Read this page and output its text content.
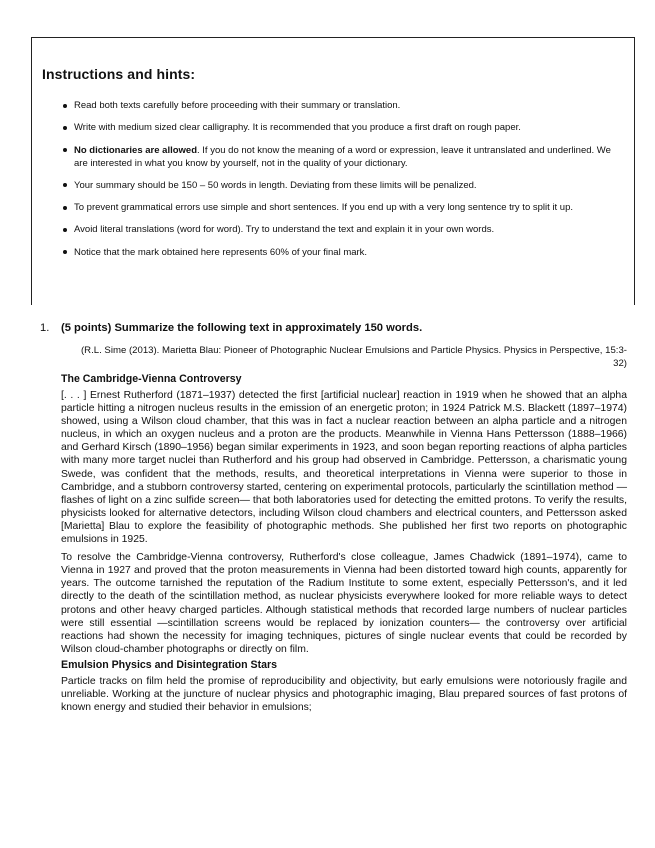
Instructions and hints:
Read both texts carefully before proceeding with their summary or translation.
Write with medium sized clear calligraphy. It is recommended that you produce a first draft on rough paper.
No dictionaries are allowed. If you do not know the meaning of a word or expression, leave it untranslated and underlined. We are interested in what you know by yourself, not in the quality of your dictionary.
Your summary should be 150 – 50 words in length. Deviating from these limits will be penalized.
To prevent grammatical errors use simple and short sentences. If you end up with a very long sentence try to split it up.
Avoid literal translations (word for word). Try to understand the text and explain it in your own words.
Notice that the mark obtained here represents 60% of your final mark.

1. (5 points) Summarize the following text in approximately 150 words.

(R.L. Sime (2013). Marietta Blau: Pioneer of Photographic Nuclear Emulsions and Particle Physics. Physics in Perspective, 15:3-32)

The Cambridge-Vienna Controversy

[. . . ] Ernest Rutherford (1871–1937) detected the first [artificial nuclear] reaction in 1919 when he showed that an alpha particle hitting a nitrogen nucleus results in the emission of an energetic proton; in 1924 Patrick M.S. Blackett (1897–1974) showed, using a Wilson cloud chamber, that this was in fact a nuclear reaction between an alpha particle and a nitrogen nucleus, in which an oxygen nucleus and a proton are the products. Meanwhile in Vienna Hans Pettersson (1888–1966) and Gerhard Kirsch (1890–1956) began similar experiments in 1923, and soon began reporting reactions of alpha particles with many more target nuclei than Rutherford and his group had observed in Cambridge. Pettersson, a charismatic young Swede, was confident that the methods, results, and theoretical interpretations in Vienna were superior to those in Cambridge, and a stubborn controversy started, centering on experimental protocols, particularly the scintillation method —flashes of light on a zinc sulfide screen— that both laboratories used for detecting the emitted protons. To verify the results, physicists looked for alternative detectors, including Wilson cloud chambers and electrical counters, and Pettersson asked [Marietta] Blau to explore the feasibility of photographic methods. She published her first two reports on photographic emulsions in 1925.

To resolve the Cambridge-Vienna controversy, Rutherford's close colleague, James Chadwick (1891–1974), came to Vienna in 1927 and proved that the proton measurements in Vienna had been distorted toward high counts, apparently for years. The outcome tarnished the reputation of the Radium Institute to some extent, especially Pettersson's, and it led directly to the death of the scintillation method, as nuclear physicists everywhere looked for more reliable ways to detect protons and other heavy charged particles. Although statistical methods that recorded large numbers of nuclear particles were still essential —scintillation screens would be replaced by ionization counters— the controversy over artificial reactions had shown the necessity for imaging techniques, pictures of single nuclear events that could be recorded by Wilson cloud-chamber photographs or directly on film.

Emulsion Physics and Disintegration Stars

Particle tracks on film held the promise of reproducibility and objectivity, but early emulsions were notoriously fragile and unreliable. Working at the juncture of nuclear physics and photographic imaging, Blau prepared sources of fast protons of known energy and studied their behavior in emulsions;
